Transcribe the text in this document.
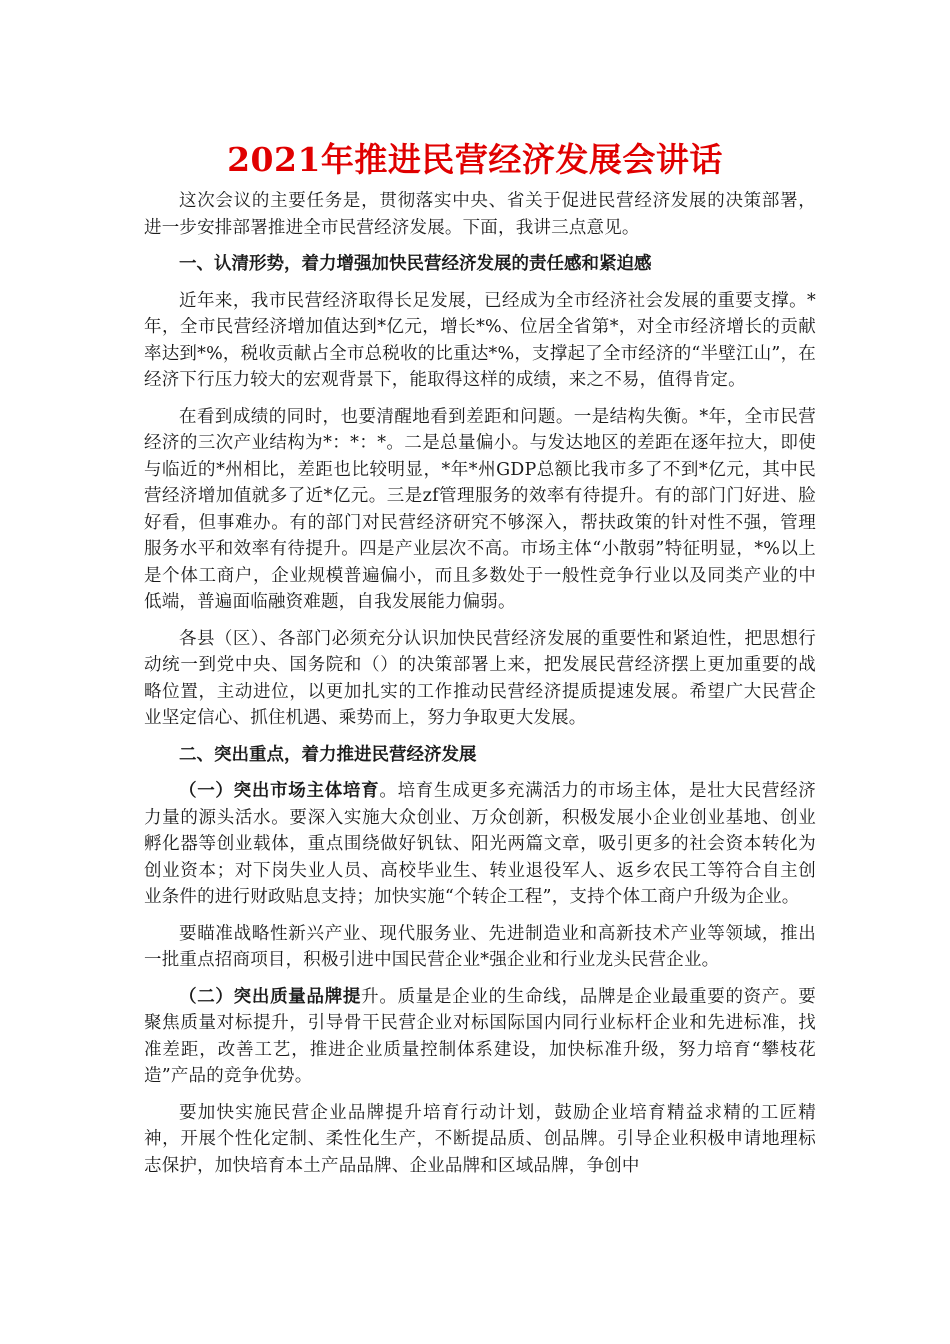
2021年推进民营经济发展会讲话

这次会议的主要任务是，贯彻落实中央、省关于促进民营经济发展的决策部署，进一步安排部署推进全市民营经济发展。下面，我讲三点意见。

一、认清形势，着力增强加快民营经济发展的责任感和紧迫感

近年来，我市民营经济取得长足发展，已经成为全市经济社会发展的重要支撑。*年，全市民营经济增加值达到*亿元，增长*%、位居全省第*，对全市经济增长的贡献率达到*%，税收贡献占全市总税收的比重达*%，支撑起了全市经济的“半壁江山”，在经济下行压力较大的宏观背景下，能取得这样的成绩，来之不易，值得肯定。

在看到成绩的同时，也要清醒地看到差距和问题。一是结构失衡。*年，全市民营经济的三次产业结构为*：*：*。二是总量偏小。与发达地区的差距在逐年拉大，即使与临近的*州相比，差距也比较明显，*年*州GDP总额比我市多了不到*亿元，其中民营经济增加值就多了近*亿元。三是zf管理服务的效率有待提升。有的部门门好进、脸好看，但事难办。有的部门对民营经济研究不够深入，帮扶政策的针对性不强，管理服务水平和效率有待提升。四是产业层次不高。市场主体“小散弱”特征明显，*%以上是个体工商户，企业规模普遍偏小，而且多数处于一般性竞争行业以及同类产业的中低端，普遍面临融资难题，自我发展能力偏弱。

各县（区）、各部门必须充分认识加快民营经济发展的重要性和紧迫性，把思想行动统一到党中央、国务院和（）的决策部署上来，把发展民营经济摆上更加重要的战略位置，主动进位，以更加扎实的工作推动民营经济提质提速发展。希望广大民营企业坚定信心、抓住机遇、乘势而上，努力争取更大发展。

二、突出重点，着力推进民营经济发展

（一）突出市场主体培育。培育生成更多充满活力的市场主体，是壮大民营经济力量的源头活水。要深入实施大众创业、万众创新，积极发展小企业创业基地、创业孵化器等创业载体，重点围绕做好钒钛、阳光两篇文章，吸引更多的社会资本转化为创业资本；对下岗失业人员、高校毕业生、转业退役军人、返乡农民工等符合自主创业条件的进行财政贴息支持；加快实施“个转企工程”，支持个体工商户升级为企业。

要瞄准战略性新兴产业、现代服务业、先进制造业和高新技术产业等领域，推出一批重点招商项目，积极引进中国民营企业*强企业和行业龙头民营企业。

（二）突出质量品牌提升。质量是企业的生命线，品牌是企业最重要的资产。要聚焦质量对标提升，引导骨干民营企业对标国际国内同行业标杆企业和先进标准，找准差距，改善工艺，推进企业质量控制体系建设，加快标准升级，努力培育“攀枝花造”产品的竞争优势。

要加快实施民营企业品牌提升培育行动计划，鼓励企业培育精益求精的工匠精神，开展个性化定制、柔性化生产，不断提品质、创品牌。引导企业积极申请地理标志保护，加快培育本土产品品牌、企业品牌和区域品牌，争创中
